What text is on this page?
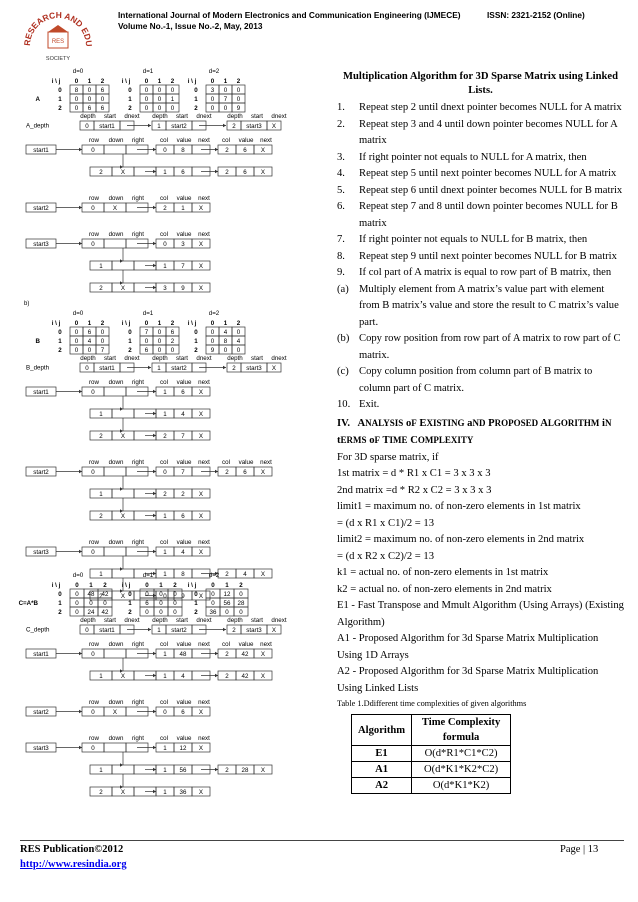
RESEARCH AND EDU
RES
SOCIETY
International Journal of Modern Electronics and Communication Engineering (IJMECE)
Volume No.-1, Issue No.-2, May, 2013
ISSN: 2321-2152 (Online)
d=0	d=1	d=2
i \ j 0 1 2
0 8 0 6
1 0 0 0
2 0 6 6
i \ j 0 1 2
0 0 0 0
1 0 0 1
2 0 0 0
i \ j 0 1 2
0 3 0 0
1 0 7 0
2 0 0 9
A
A_depth
depth start dnext
0 start1
depth start dnext
1 start2
depth start dnext
2 start3 X
row down right	col value next col value next
start1	0	0 8	2 6 X
2	X	1 6	2 6 X
row down right	col value next
start2	0	X	2 1 X
row down right	col value next
start3	0	0 3 X
1	1 7 X
2	X	3 9 X
b)
d=0	d=1	d=2
i \ j 0 1 2
0 0 6 0
1 0 4 0
2 0 0 7
i \ j 0 1 2
0 7 0 6
1 0 0 2
2 6 0 0
i \ j 0 1 2
0 0 4 0
1 0 8 4
2 9 0 0
B
B_depth
depth start dnext
0 start1
depth start dnext
1 start2
depth start dnext
2 start3 X
row down right	col value next
start1	0	1 6 X
1	1 4 X
2	X	2 7 X
row down right	col value next col value next
start2	0	0 7	2 6 X
1	2 2 X
2	X	1 6 X
row down right	col value next
start3	0	1 4 X
1	1 8	2 4 X
2	X	0 9 X
d=0	d=1	d=2
i \ j 0 1 2
0 0 48 42
1 0 0 0
2 0 24 42
i \ j 0 1 2
0 0 0 0
1 6 0 0
2 0 0 0
i \ j 0 1 2
0 0 12 0
1 0 56 28
2 36 0 0
C=A*B
C_depth
depth start dnext
0 start1
depth start dnext
1 start2
depth start dnext
2 start3 X
row down right	col value next col value next
start1	0	1 48	2 42 X
1	X	1 4	2 42 X
row down right	col value next
start2	0	X	0 6 X
row down right	col value next
start3	0	1 12 X
1	1 56	2 28 X
2	X	1 36 X
Multiplication Algorithm for 3D Sparse Matrix using Linked Lists.
1. Repeat step 2 until dnext pointer becomes NULL for A matrix
2. Repeat step 3 and 4 until down pointer becomes NULL for A matrix
3. If right pointer not equals to NULL for A matrix, then
4. Repeat step 5 until next pointer becomes NULL for A matrix
5. Repeat step 6 until dnext pointer becomes NULL for B matrix
6. Repeat step 7 and 8 until down pointer becomes NULL for B matrix
7. If right pointer not equals to NULL for B matrix, then
8. Repeat step 9 until next pointer becomes NULL for B matrix
9. If col part of A matrix is equal to row part of B matrix, then
(a) Multiply element from A matrix’s value part with element from B matrix’s value and store the result to C matrix’s value part.
(b) Copy row position from row part of A matrix to row part of C matrix.
(c) Copy column position from column part of B matrix to column part of C matrix.
10. Exit.
IV. ANALYSIS oF EXISTING aND PROPOSED ALGORITHM iN tERMS oF TIME COMPLEXITY
For 3D sparse matrix, if
1st matrix = d * R1 x C1 = 3 x 3 x 3
2nd matrix =d * R2 x C2 = 3 x 3 x 3
limit1 = maximum no. of non-zero elements in 1st matrix
= (d x R1 x C1)/2 = 13
limit2 = maximum no. of non-zero elements in 2nd matrix
= (d x R2 x C2)/2 = 13
k1 = actual no. of non-zero elements in 1st matrix
k2 = actual no. of non-zero elements in 2nd matrix
E1 - Fast Transpose and Mmult Algorithm (Using Arrays) (Existing Algorithm)
A1 - Proposed Algorithm for 3d Sparse Matrix Multiplication Using 1D Arrays
A2 - Proposed Algorithm for 3d Sparse Matrix Multiplication Using Linked Lists
Table 1.Ddifferent time complexities of given algorithms
Algorithm	Time Complexity formula
E1	O(d*R1*C1*C2)
A1	O(d*K1*K2*C2)
A2	O(d*K1*K2)
RES Publication©2012
http://www.resindia.org
Page | 13
